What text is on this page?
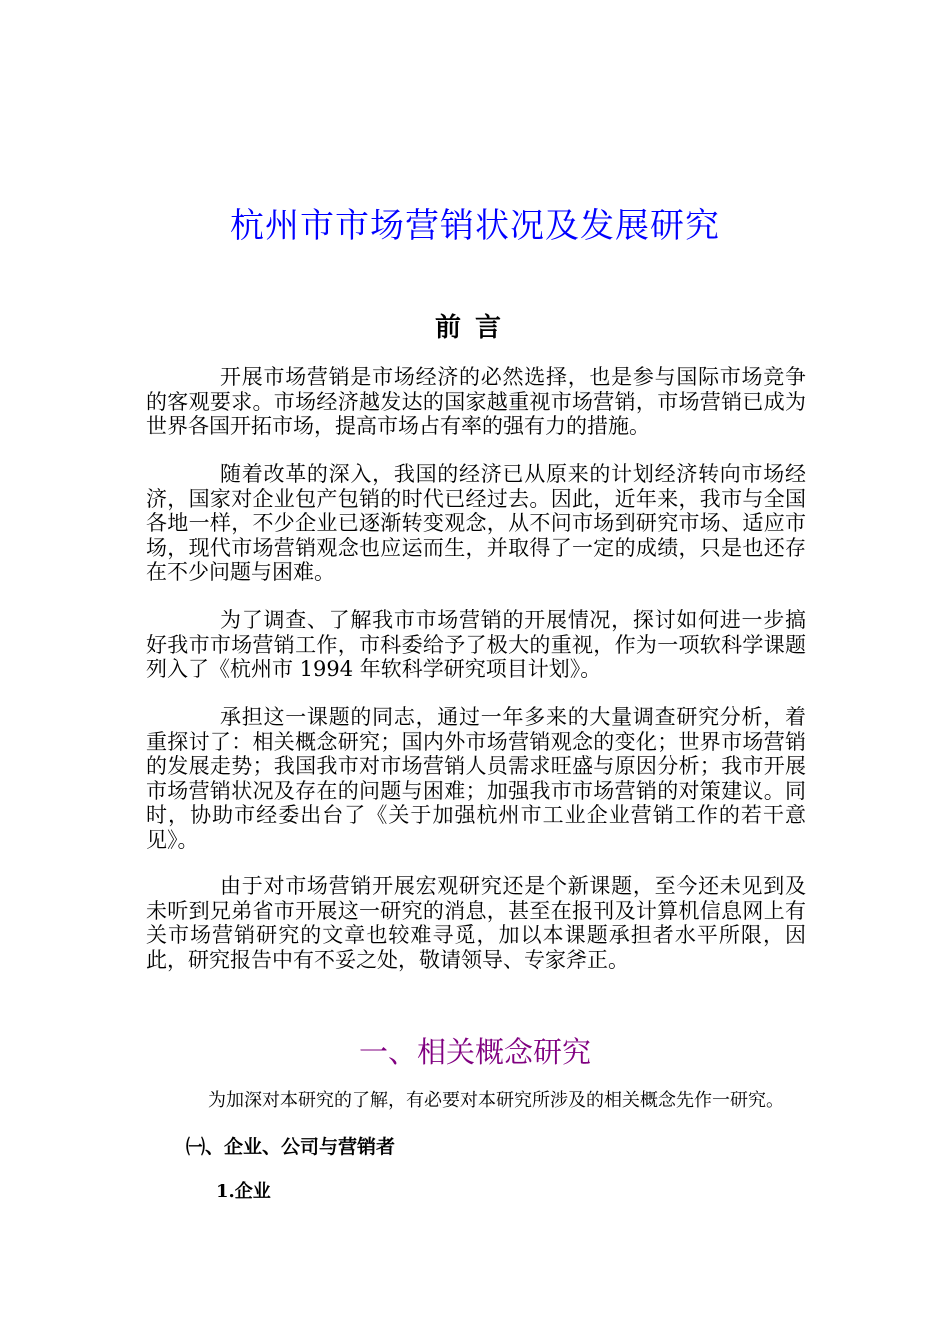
杭州市市场营销状况及发展研究
前言

开展市场营销是市场经济的必然选择，也是参与国际市场竞争的客观要求。市场经济越发达的国家越重视市场营销，市场营销已成为世界各国开拓市场，提高市场占有率的强有力的措施。

随着改革的深入，我国的经济已从原来的计划经济转向市场经济，国家对企业包产包销的时代已经过去。因此，近年来，我市与全国各地一样，不少企业已逐渐转变观念，从不问市场到研究市场、适应市场，现代市场营销观念也应运而生，并取得了一定的成绩，只是也还存在不少问题与困难。

为了调查、了解我市市场营销的开展情况，探讨如何进一步搞好我市市场营销工作，市科委给予了极大的重视，作为一项软科学课题列入了《杭州市 1994 年软科学研究项目计划》。

承担这一课题的同志，通过一年多来的大量调查研究分析，着重探讨了：相关概念研究；国内外市场营销观念的变化；世界市场营销的发展走势；我国我市对市场营销人员需求旺盛与原因分析；我市开展市场营销状况及存在的问题与困难；加强我市市场营销的对策建议。同时，协助市经委出台了《关于加强杭州市工业企业营销工作的若干意见》。

由于对市场营销开展宏观研究还是个新课题，至今还未见到及未听到兄弟省市开展这一研究的消息，甚至在报刊及计算机信息网上有关市场营销研究的文章也较难寻觅，加以本课题承担者水平所限，因此，研究报告中有不妥之处，敬请领导、专家斧正。

一、相关概念研究

为加深对本研究的了解，有必要对本研究所涉及的相关概念先作一研究。

㈠、企业、公司与营销者
1.企业
